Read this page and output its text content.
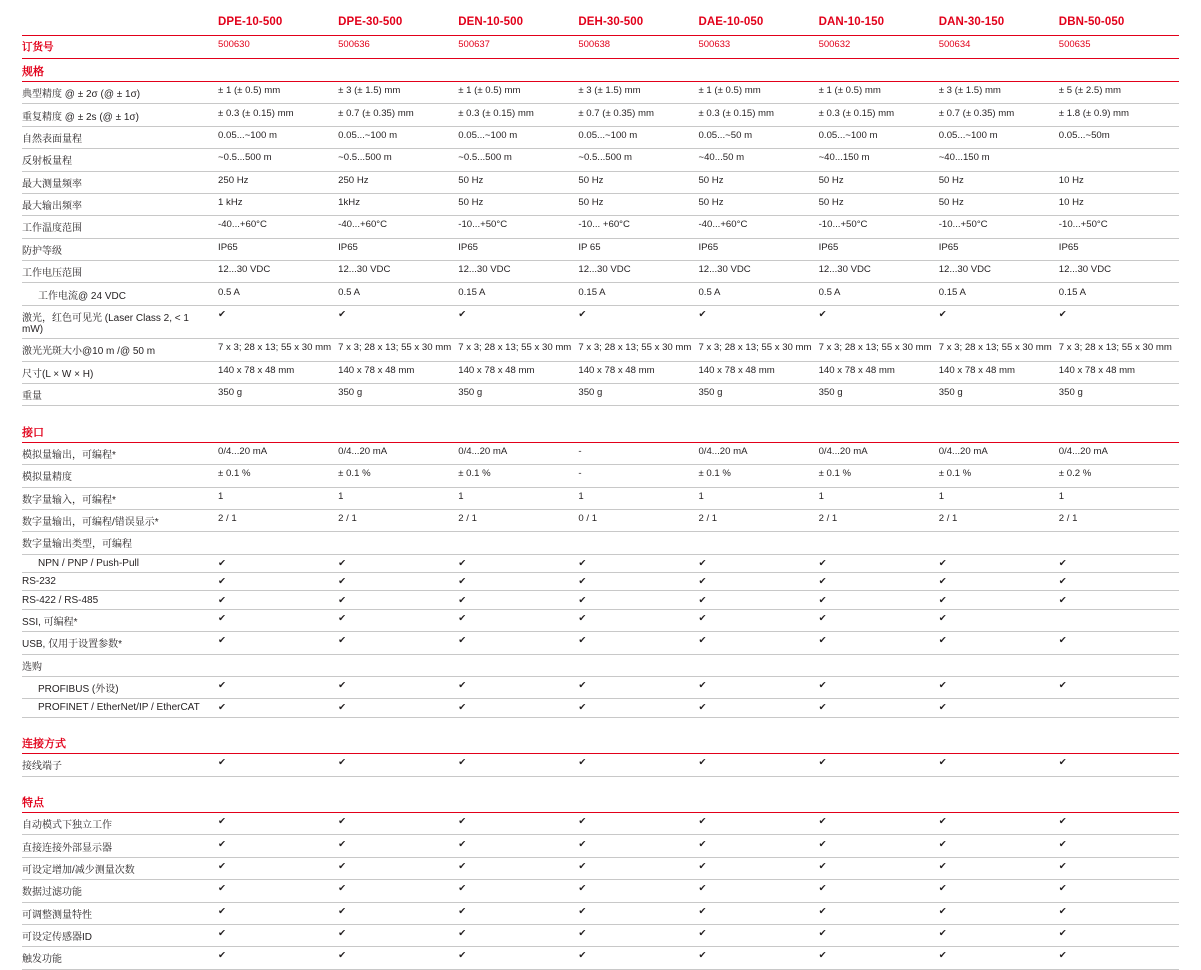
	DPE-10-500	DPE-30-500	DEN-10-500	DEH-30-500	DAE-10-050	DAN-10-150	DAN-30-150	DBN-50-050

订货号	500630	500636	500637	500638	500633	500632	500634	500635

规格								

典型精度 @ ± 2σ (@ ± 1σ)	± 1 (± 0.5) mm	± 3 (± 1.5) mm	± 1 (± 0.5) mm	± 3 (± 1.5) mm	± 1 (± 0.5) mm	± 1 (± 0.5) mm	± 3 (± 1.5) mm	± 5 (± 2.5) mm

重复精度 @ ± 2s (@ ± 1σ)	± 0.3 (± 0.15) mm	± 0.7 (± 0.35) mm	± 0.3 (± 0.15) mm	± 0.7 (± 0.35) mm	± 0.3 (± 0.15) mm	± 0.3 (± 0.15) mm	± 0.7 (± 0.35) mm	± 1.8 (± 0.9) mm

自然表面量程	0.05...~100 m	0.05...~100 m	0.05...~100 m	0.05...~100 m	0.05...~50 m	0.05...~100 m	0.05...~100 m	0.05...~50m

反射板量程	~0.5...500 m	~0.5...500 m	~0.5...500 m	~0.5...500 m	~40...50 m	~40...150 m	~40...150 m	

最大测量频率	250 Hz	250 Hz	50 Hz	50 Hz	50 Hz	50 Hz	50 Hz	10 Hz

最大输出频率	1 kHz	1kHz	50 Hz	50 Hz	50 Hz	50 Hz	50 Hz	10 Hz

工作温度范围	-40...+60°C	-40...+60°C	-10...+50°C	-10... +60°C	-40...+60°C	-10...+50°C	-10...+50°C	-10...+50°C

防护等级	IP65	IP65	IP65	IP 65	IP65	IP65	IP65	IP65

工作电压范围	12...30 VDC	12...30 VDC	12...30 VDC	12...30 VDC	12...30 VDC	12...30 VDC	12...30 VDC	12...30 VDC

工作电流@ 24 VDC	0.5 A	0.5 A	0.15 A	0.15 A	0.5 A	0.5 A	0.15 A	0.15 A

激光，红色可见光 (Laser Class 2, < 1 mW)	✔	✔	✔	✔	✔	✔	✔	✔

激光光斑大小@10 m /@ 50 m	7 x 3; 28 x 13; 55 x 30 mm	7 x 3; 28 x 13; 55 x 30 mm	7 x 3; 28 x 13; 55 x 30 mm	7 x 3; 28 x 13; 55 x 30 mm	7 x 3; 28 x 13; 55 x 30 mm	7 x 3; 28 x 13; 55 x 30 mm	7 x 3; 28 x 13; 55 x 30 mm	7 x 3; 28 x 13; 55 x 30 mm

尺寸(L × W × H)	140 x 78 x 48 mm	140 x 78 x 48 mm	140 x 78 x 48 mm	140 x 78 x 48 mm	140 x 78 x 48 mm	140 x 78 x 48 mm	140 x 78 x 48 mm	140 x 78 x 48 mm

重量	350 g	350 g	350 g	350 g	350 g	350 g	350 g	350 g

接口								

模拟量输出，可编程*	0/4...20 mA	0/4...20 mA	0/4...20 mA	-	0/4...20 mA	0/4...20 mA	0/4...20 mA	0/4...20 mA

模拟量精度	± 0.1 %	± 0.1 %	± 0.1 %	-	± 0.1 %	± 0.1 %	± 0.1 %	± 0.2 %

数字量输入，可编程*	1	1	1	1	1	1	1	1

数字量输出，可编程/错误显示*	2 / 1	2 / 1	2 / 1	0 / 1	2 / 1	2 / 1	2 / 1	2 / 1

数字量输出类型，可编程								

NPN / PNP / Push-Pull	✔	✔	✔	✔	✔	✔	✔	✔

RS-232	✔	✔	✔	✔	✔	✔	✔	✔

RS-422 / RS-485	✔	✔	✔	✔	✔	✔	✔	✔

SSI, 可编程*	✔	✔	✔	✔	✔	✔	✔	

USB, 仅用于设置参数*	✔	✔	✔	✔	✔	✔	✔	✔

选购								

PROFIBUS (外设)	✔	✔	✔	✔	✔	✔	✔	✔

PROFINET / EtherNet/IP / EtherCAT	✔	✔	✔	✔	✔	✔	✔	

连接方式								

接线端子	✔	✔	✔	✔	✔	✔	✔	✔

特点								

自动模式下独立工作	✔	✔	✔	✔	✔	✔	✔	✔

直接连接外部显示器	✔	✔	✔	✔	✔	✔	✔	✔

可设定增加/减少测量次数	✔	✔	✔	✔	✔	✔	✔	✔

数据过滤功能	✔	✔	✔	✔	✔	✔	✔	✔

可调整测量特性	✔	✔	✔	✔	✔	✔	✔	✔

可设定传感器ID	✔	✔	✔	✔	✔	✔	✔	✔

触发功能	✔	✔	✔	✔	✔	✔	✔	✔
